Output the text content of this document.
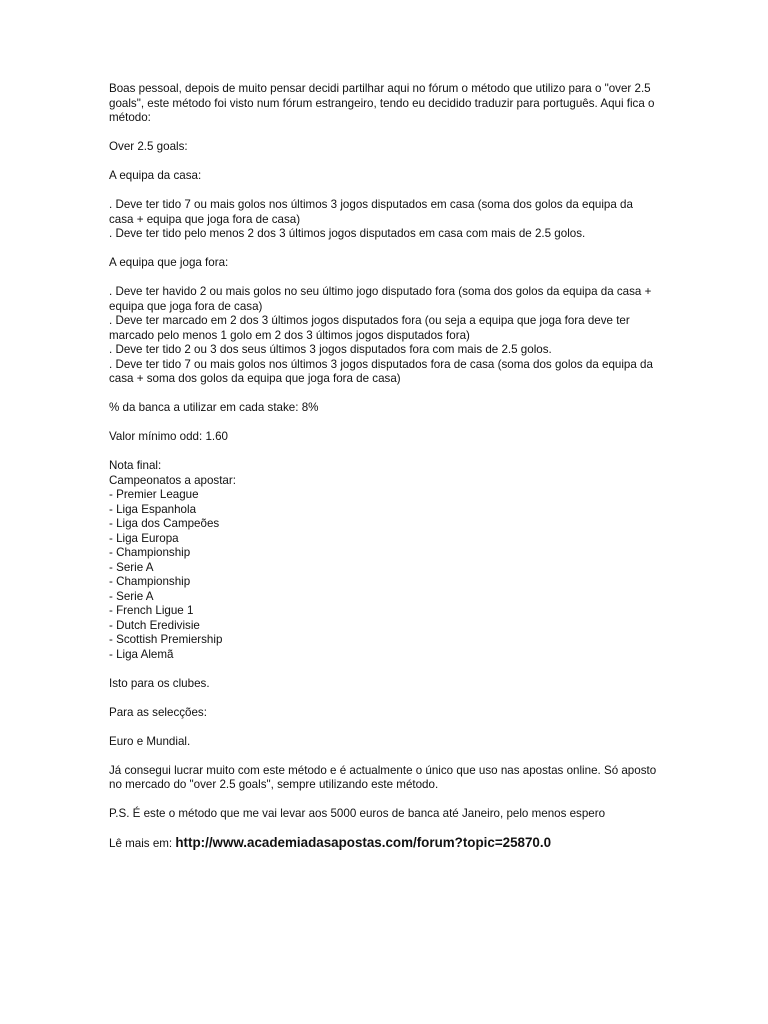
Boas pessoal, depois de muito pensar decidi partilhar aqui no fórum o método que utilizo para o "over 2.5
goals", este método foi visto num fórum estrangeiro, tendo eu decidido traduzir para português. Aqui fica o
método:

Over 2.5 goals:

A equipa da casa:

. Deve ter tido 7 ou mais golos nos últimos 3 jogos disputados em casa (soma dos golos da equipa da
casa + equipa que joga fora de casa)
. Deve ter tido pelo menos 2 dos 3 últimos jogos disputados em casa com mais de 2.5 golos.

A equipa que joga fora:

. Deve ter havido 2 ou mais golos no seu último jogo disputado fora (soma dos golos da equipa da casa +
equipa que joga fora de casa)
. Deve ter marcado em 2 dos 3 últimos jogos disputados fora (ou seja a equipa que joga fora deve ter
marcado pelo menos 1 golo em 2 dos 3 últimos jogos disputados fora)
. Deve ter tido 2 ou 3 dos seus últimos 3 jogos disputados fora com mais de 2.5 golos.
. Deve ter tido 7 ou mais golos nos últimos 3 jogos disputados fora de casa (soma dos golos da equipa da
casa + soma dos golos da equipa que joga fora de casa)

% da banca a utilizar em cada stake: 8%

Valor mínimo odd: 1.60

Nota final:
Campeonatos a apostar:
- Premier League
- Liga Espanhola
- Liga dos Campeões
- Liga Europa
- Championship
- Serie A
- Championship
- Serie A
- French Ligue 1
- Dutch Eredivisie
- Scottish Premiership
- Liga Alemã

Isto para os clubes.

Para as selecções:

Euro e Mundial.

Já consegui lucrar muito com este método e é actualmente o único que uso nas apostas online. Só aposto
no mercado do "over 2.5 goals", sempre utilizando este método.

P.S. É este o método que me vai levar aos 5000 euros de banca até Janeiro, pelo menos espero

Lê mais em: http://www.academiadasapostas.com/forum?topic=25870.0
